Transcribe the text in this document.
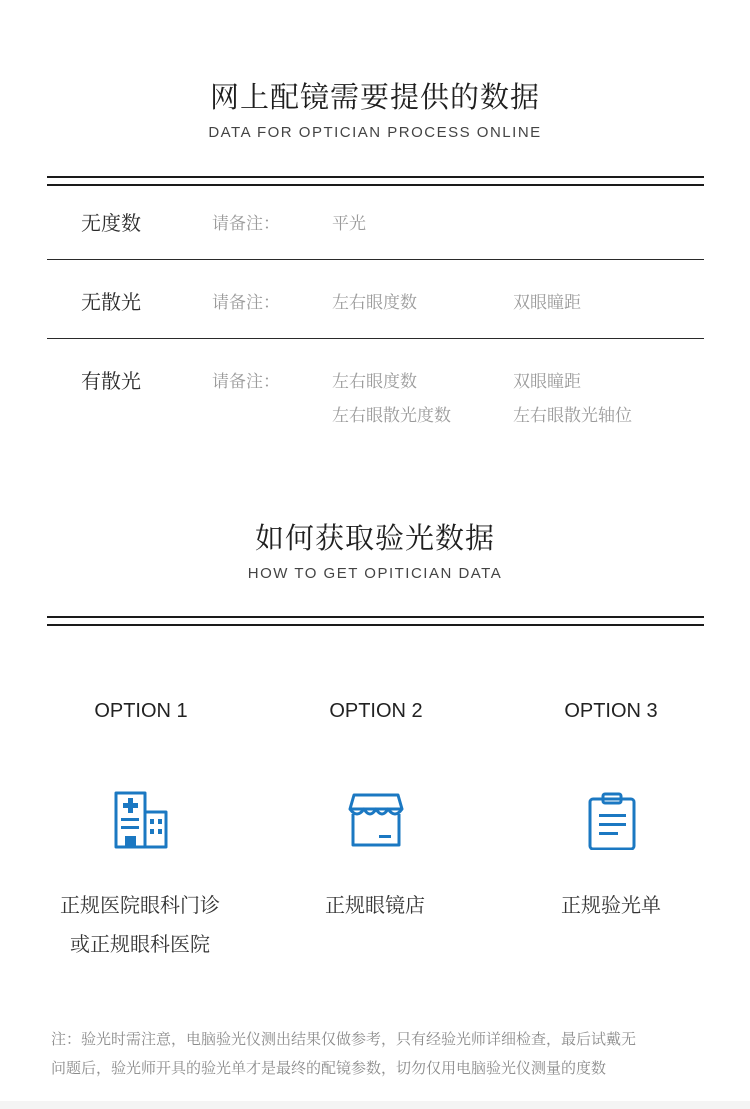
网上配镜需要提供的数据
DATA FOR OPTICIAN PROCESS ONLINE
无度数	请备注：	平光
无散光	请备注：	左右眼度数	双眼瞳距
有散光	请备注：	左右眼度数	双眼瞳距
左右眼散光度数	左右眼散光轴位
如何获取验光数据
HOW TO GET OPITICIAN DATA
OPTION 1	OPTION 2	OPTION 3
正规医院眼科门诊
或正规眼科医院
正规眼镜店	正规验光单
注：验光时需注意，电脑验光仪测出结果仅做参考，只有经验光师详细检查，最后试戴无
问题后，验光师开具的验光单才是最终的配镜参数，切勿仅用电脑验光仪测量的度数
